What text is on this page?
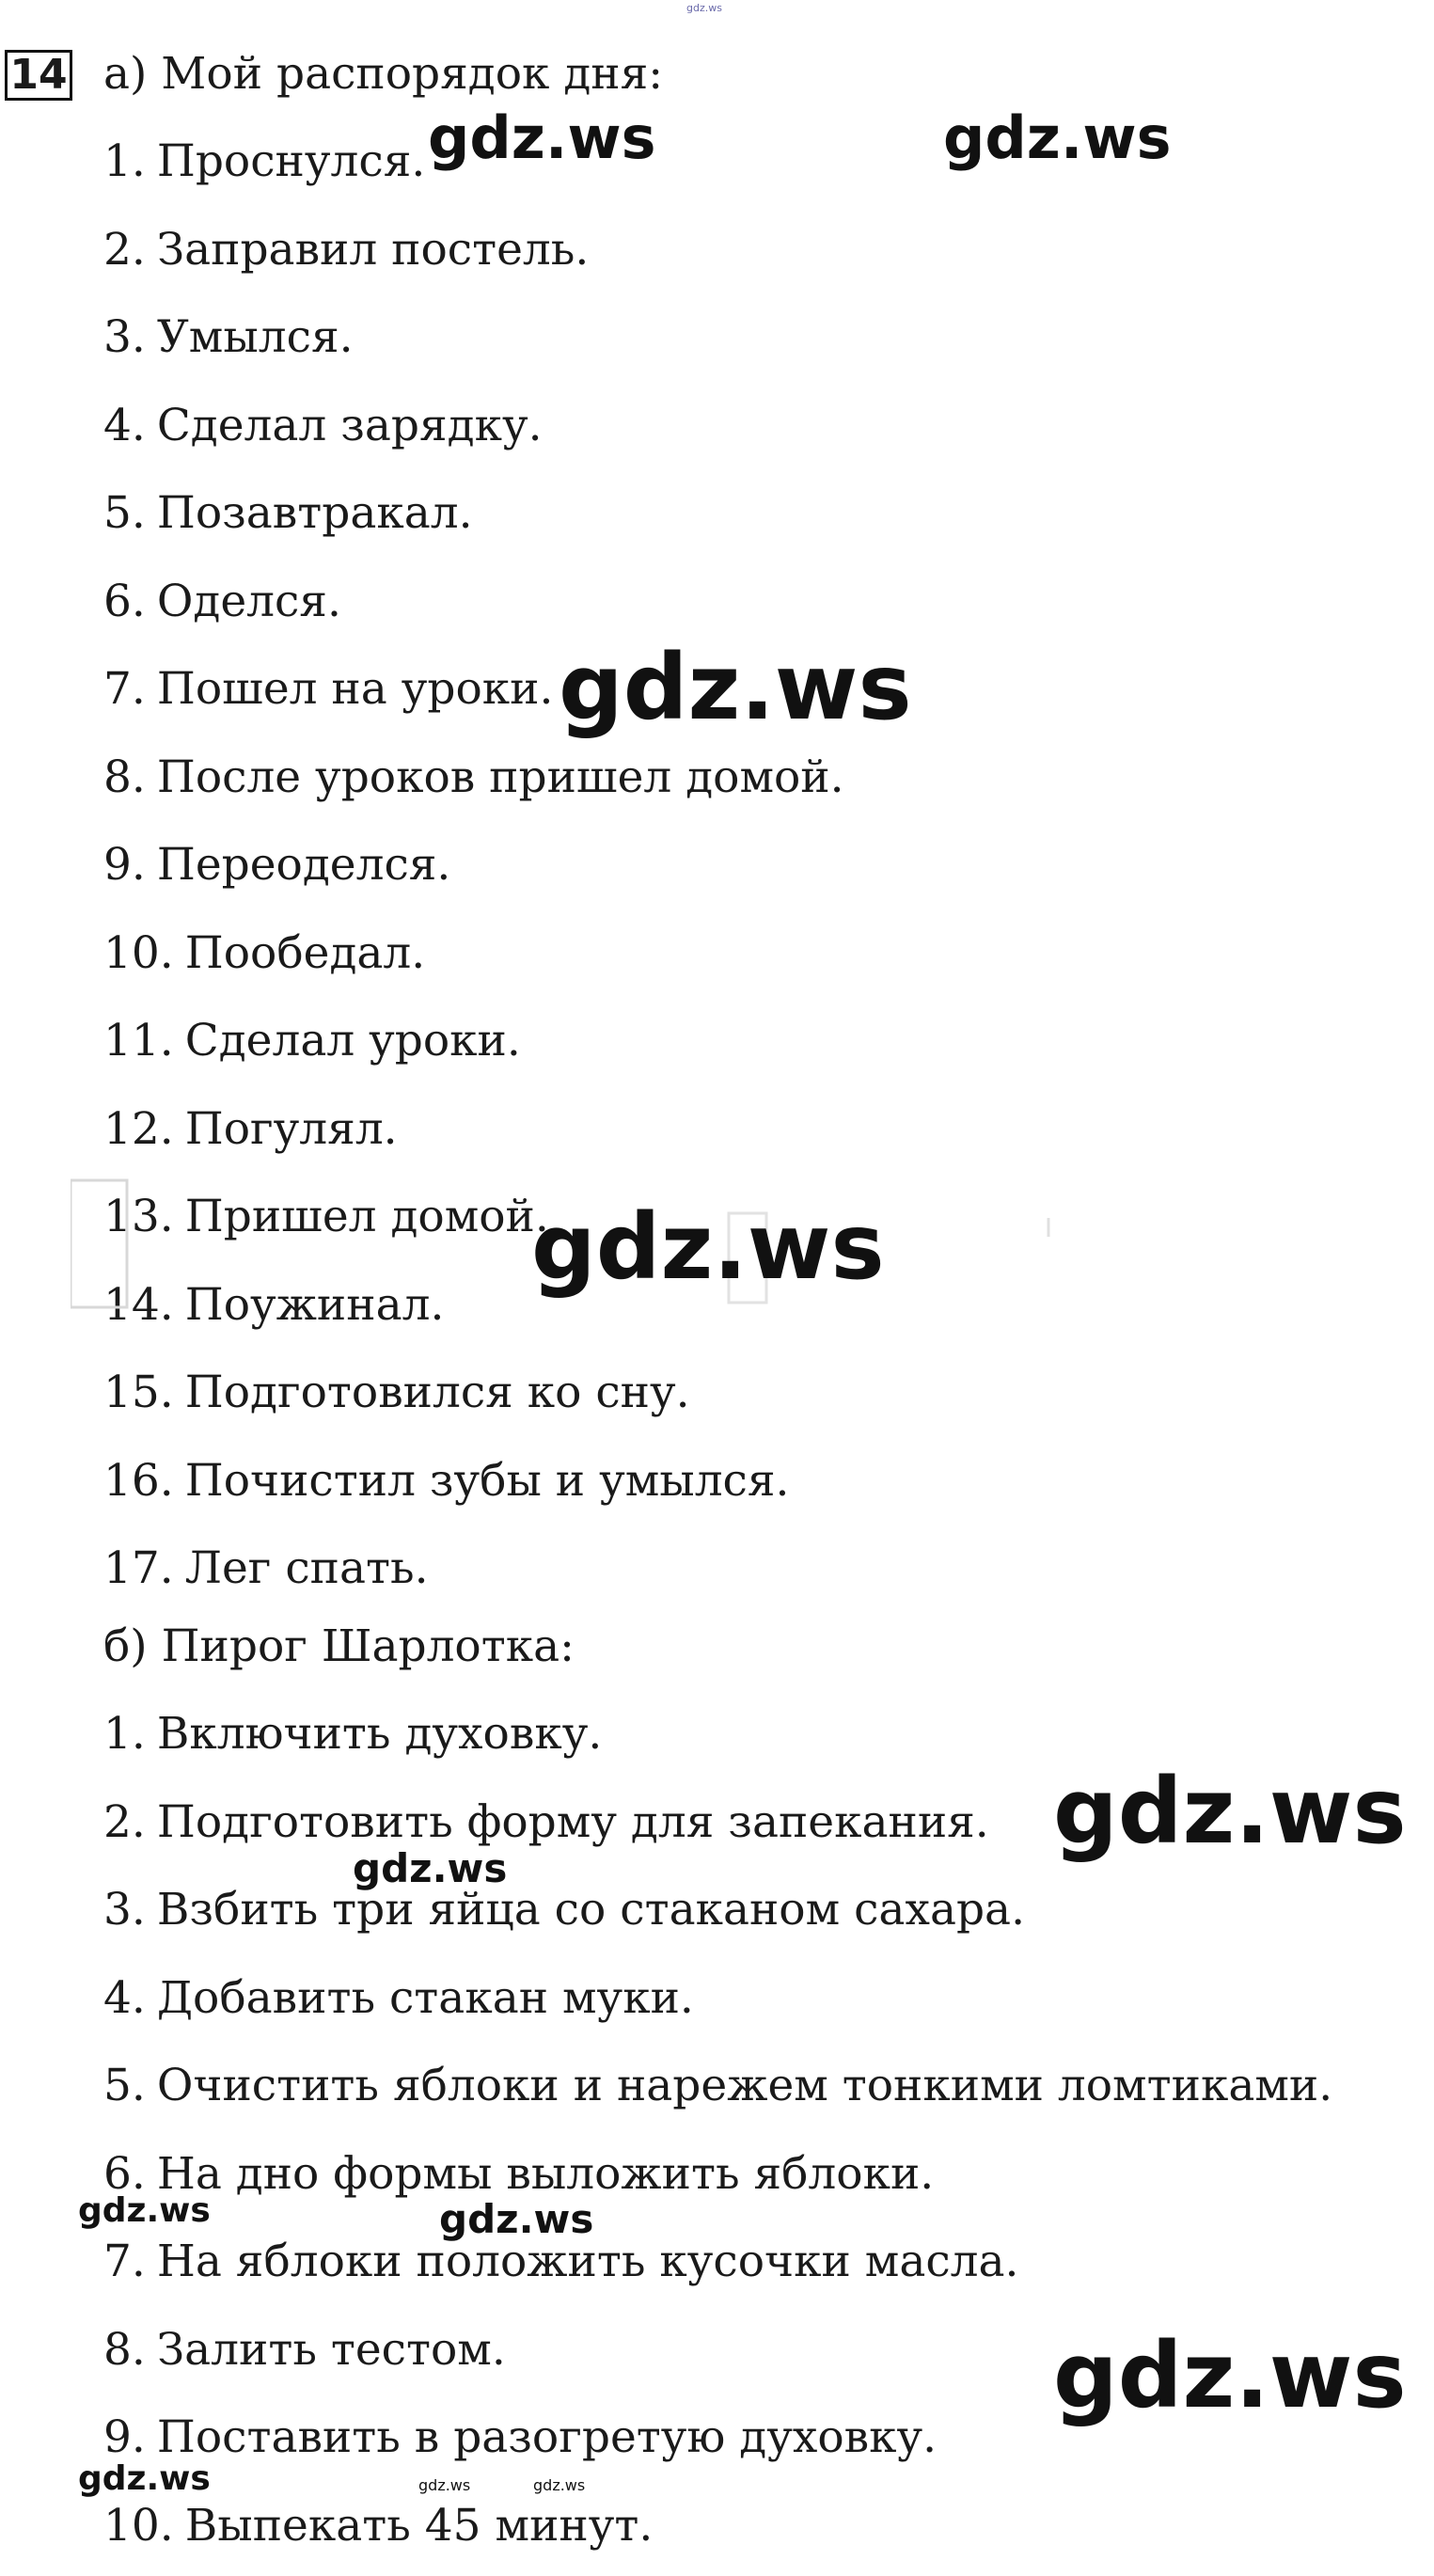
14 а) Мой распорядок дня:
1. Проснулся.
2. Заправил постель.
3. Умылся.
4. Сделал зарядку.
5. Позавтракал.
6. Оделся.
7. Пошел на уроки.
8. После уроков пришел домой.
9. Переоделся.
10. Пообедал.
11. Сделал уроки.
12. Погулял.
13. Пришел домой.
14. Поужинал.
15. Подготовился ко сну.
16. Почистил зубы и умылся.
17. Лег спать.
б) Пирог Шарлотка:
1. Включить духовку.
2. Подготовить форму для запекания.
3. Взбить три яйца со стаканом сахара.
4. Добавить стакан муки.
5. Очистить яблоки и нарежем тонкими ломтиками.
6. На дно формы выложить яблоки.
7. На яблоки положить кусочки масла.
8. Залить тестом.
9. Поставить в разогретую духовку.
10. Выпекать 45 минут.
gdz.ws
gdz.ws	gdz.ws
gdz.ws
gdz.ws
gdz.ws
gdz.ws
gdz.ws	gdz.ws
gdz.ws
gdz.ws	gdz.ws	gdz.ws
